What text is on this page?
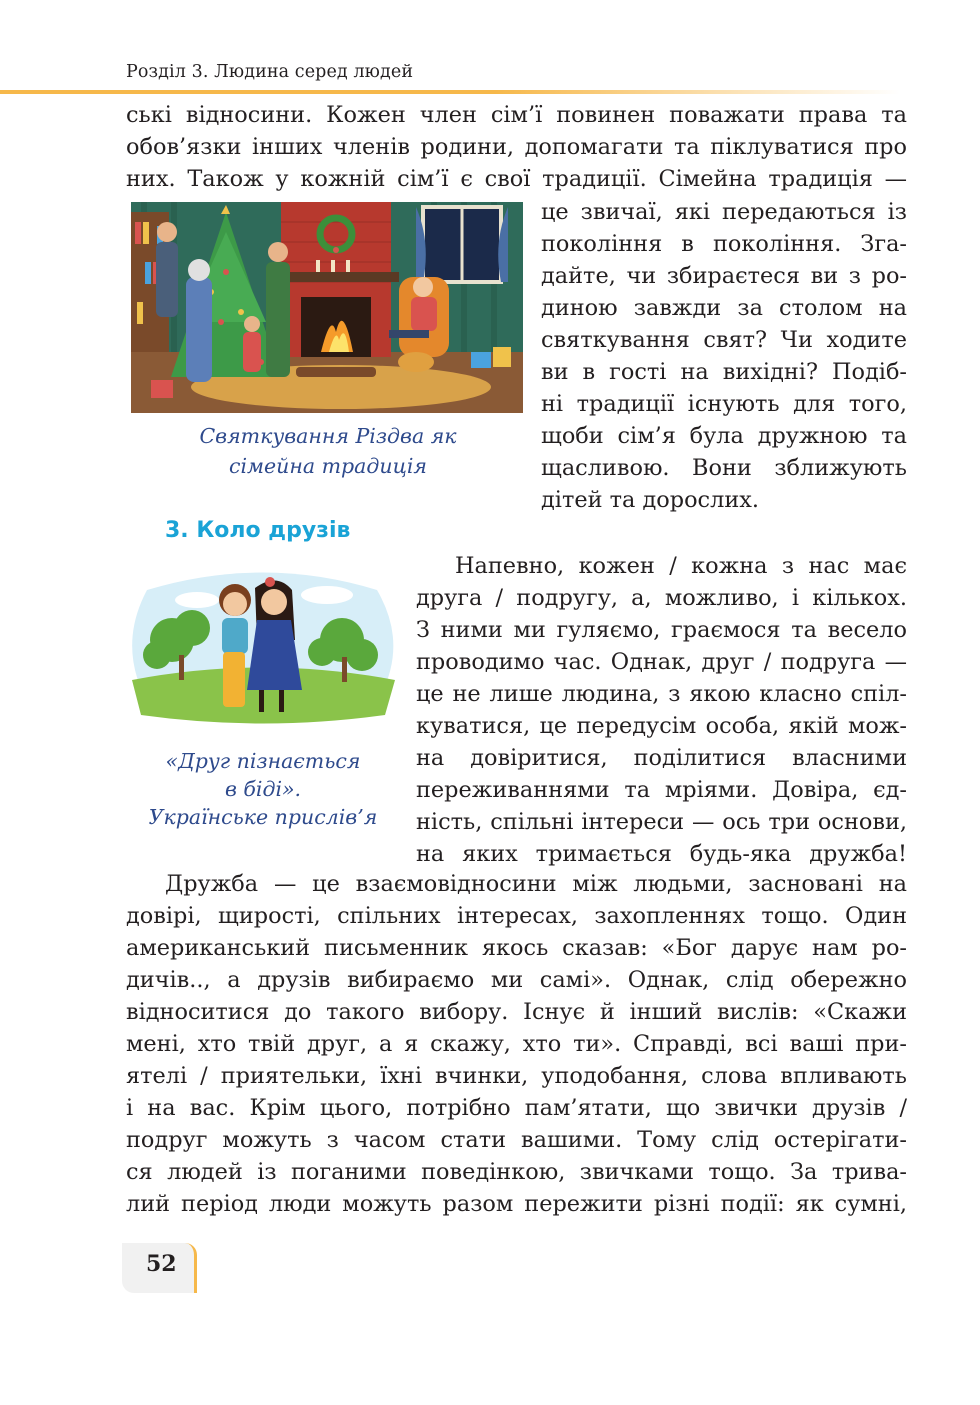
Розділ 3. Людина серед людей
ські відносини. Кожен член сім’ї повинен поважати права та
обов’язки інших членів родини, допомагати та піклуватися про
них. Також у кожній сім’ї є свої традиції. Сімейна традиція —
це звичаї, які передаються із
покоління в покоління. Зга-
дайте, чи збираєтеся ви з ро-
диною завжди за столом на
святкування свят? Чи ходите
ви в гості на вихідні? Подіб-
ні традиції існують для того,
щоби сім’я була дружною та
щасливою. Вони зближують
дітей та дорослих.
Святкування Різдва як
сімейна традиція
3. Коло друзів
«Друг пізнається
в біді».
Українське прислів’я
Напевно, кожен / кожна з нас має
друга / подругу, а, можливо, і кількох.
З ними ми гуляємо, граємося та весело
проводимо час. Однак, друг / подруга —
це не лише людина, з якою класно спіл-
куватися, це передусім особа, якій мож-
на довіритися, поділитися власними
переживаннями та мріями. Довіра, єд-
ність, спільні інтереси — ось три основи,
на яких тримається будь-яка дружба!
Дружба — це взаємовідносини між людьми, засновані на
довірі, щирості, спільних інтересах, захопленнях тощо. Один
американський письменник якось сказав: «Бог дарує нам ро-
дичів.., а друзів вибираємо ми самі». Однак, слід обережно
відноситися до такого вибору. Існує й інший вислів: «Скажи
мені, хто твій друг, а я скажу, хто ти». Справді, всі ваші при-
ятелі / приятельки, їхні вчинки, уподобання, слова впливають
і на вас. Крім цього, потрібно пам’ятати, що звички друзів /
подруг можуть з часом стати вашими. Тому слід остерігати-
ся людей із поганими поведінкою, звичками тощо. За трива-
лий період люди можуть разом пережити різні події: як сумні,
52
